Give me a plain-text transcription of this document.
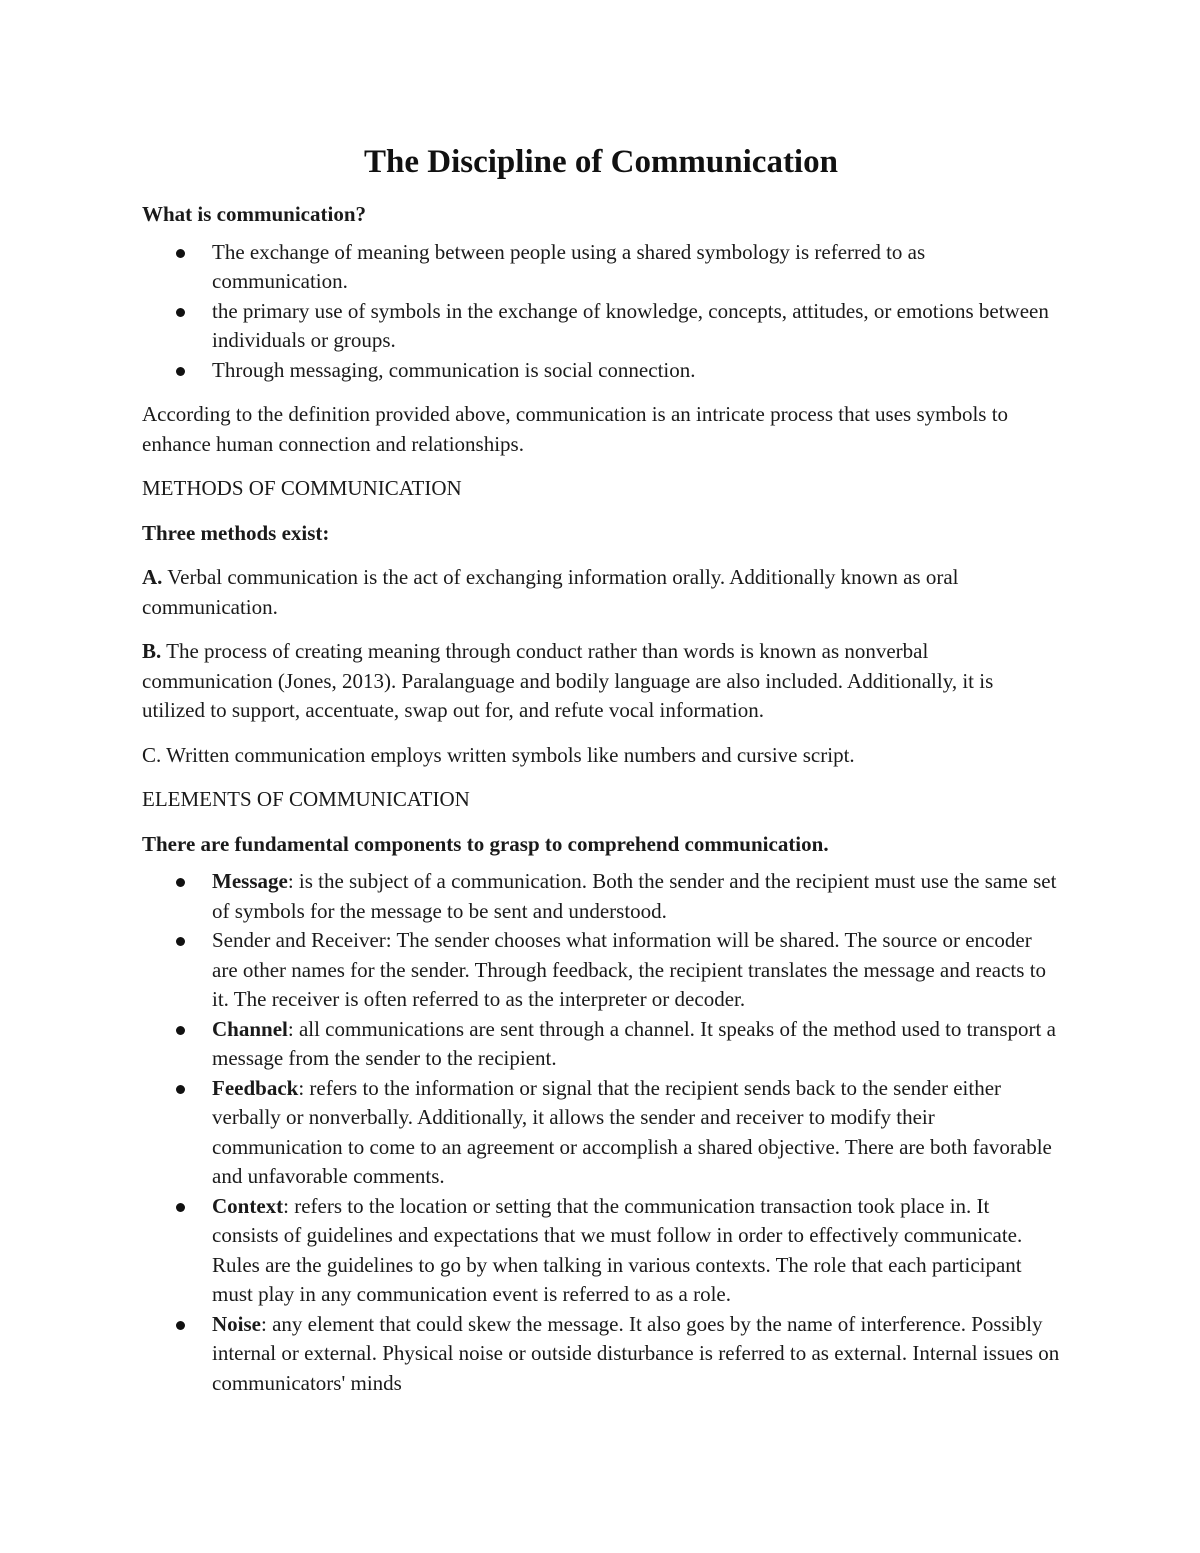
The Discipline of Communication

What is communication?

The exchange of meaning between people using a shared symbology is referred to as communication.
the primary use of symbols in the exchange of knowledge, concepts, attitudes, or emotions between individuals or groups.
Through messaging, communication is social connection.

According to the definition provided above, communication is an intricate process that uses symbols to enhance human connection and relationships.

METHODS OF COMMUNICATION

Three methods exist:

A. Verbal communication is the act of exchanging information orally. Additionally known as oral communication.

B. The process of creating meaning through conduct rather than words is known as nonverbal communication (Jones, 2013). Paralanguage and bodily language are also included. Additionally, it is utilized to support, accentuate, swap out for, and refute vocal information.

C. Written communication employs written symbols like numbers and cursive script.

ELEMENTS OF COMMUNICATION

There are fundamental components to grasp to comprehend communication.

Message: is the subject of a communication. Both the sender and the recipient must use the same set of symbols for the message to be sent and understood.
Sender and Receiver: The sender chooses what information will be shared. The source or encoder are other names for the sender. Through feedback, the recipient translates the message and reacts to it. The receiver is often referred to as the interpreter or decoder.
Channel: all communications are sent through a channel. It speaks of the method used to transport a message from the sender to the recipient.
Feedback: refers to the information or signal that the recipient sends back to the sender either verbally or nonverbally. Additionally, it allows the sender and receiver to modify their communication to come to an agreement or accomplish a shared objective. There are both favorable and unfavorable comments.
Context: refers to the location or setting that the communication transaction took place in. It consists of guidelines and expectations that we must follow in order to effectively communicate. Rules are the guidelines to go by when talking in various contexts. The role that each participant must play in any communication event is referred to as a role.
Noise: any element that could skew the message. It also goes by the name of interference. Possibly internal or external. Physical noise or outside disturbance is referred to as external. Internal issues on communicators' minds
